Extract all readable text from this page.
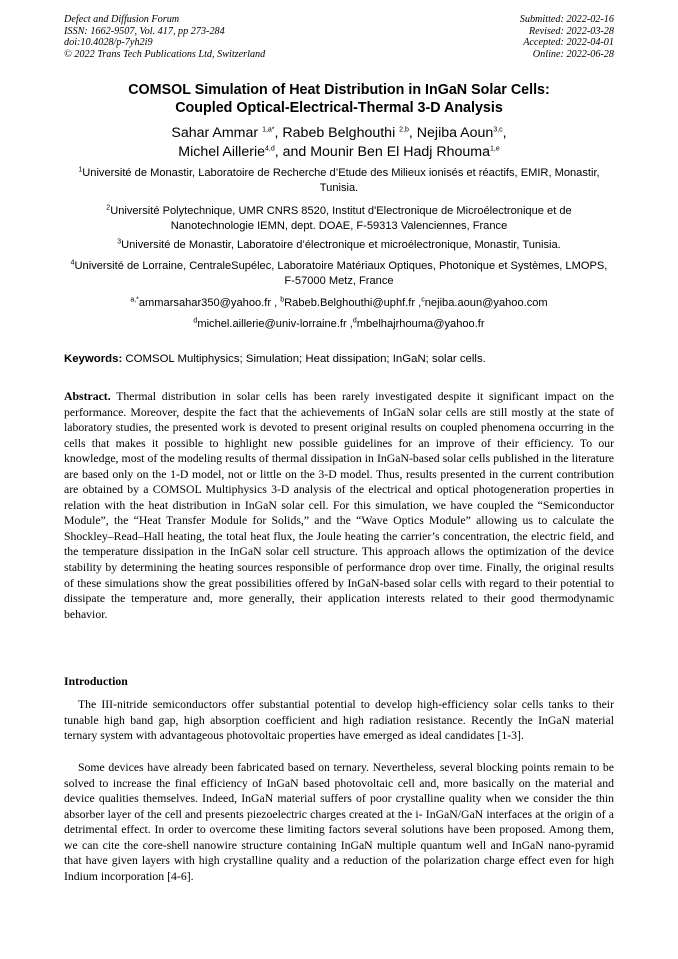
Defect and Diffusion Forum
ISSN: 1662-9507, Vol. 417, pp 273-284
doi:10.4028/p-7yh2i9
© 2022 Trans Tech Publications Ltd, Switzerland
Submitted: 2022-02-16
Revised: 2022-03-28
Accepted: 2022-04-01
Online: 2022-06-28
COMSOL Simulation of Heat Distribution in InGaN Solar Cells:
Coupled Optical-Electrical-Thermal 3-D Analysis
Sahar Ammar $^{1,a*}$, Rabeb Belghouthi $^{2,b}$, Nejiba Aoun$^{3,c}$,
Michel Aillerie$^{4,d}$, and Mounir Ben El Hadj Rhouma$^{1,e}$
$^1$Université de Monastir, Laboratoire de Recherche d’Etude des Milieux ionisés et réactifs, EMIR, Monastir, Tunisia.
$^2$Université Polytechnique, UMR CNRS 8520, Institut d'Electronique de Microélectronique et de Nanotechnologie IEMN, dept. DOAE, F-59313 Valenciennes, France
$^3$Université de Monastir, Laboratoire d’électronique et microélectronique, Monastir, Tunisia.
$^4$Université de Lorraine, CentraleSupélec, Laboratoire Matériaux Optiques, Photonique et Systèmes, LMOPS, F-57000 Metz, France
$^{a,*}$ammarsahar350@yahoo.fr , $^b$Rabeb.Belghouthi@uphf.fr ,$^c$nejiba.aoun@yahoo.com
$^d$michel.aillerie@univ-lorraine.fr ,$^d$mbelhajrhouma@yahoo.fr
Keywords: COMSOL Multiphysics; Simulation; Heat dissipation; InGaN; solar cells.
Abstract. Thermal distribution in solar cells has been rarely investigated despite it significant impact on the performance. Moreover, despite the fact that the achievements of InGaN solar cells are still mostly at the state of laboratory studies, the presented work is devoted to present original results on coupled phenomena occurring in the cells that makes it possible to highlight new possible guidelines for an improve of their efficiency. To our knowledge, most of the modeling results of thermal dissipation in InGaN-based solar cells published in the literature are based only on the 1-D model, not or little on the 3-D model. Thus, results presented in the current contribution are obtained by a COMSOL Multiphysics 3-D analysis of the electrical and optical photogeneration properties in relation with the heat distribution in InGaN solar cell. For this simulation, we have coupled the “Semiconductor Module”, the “Heat Transfer Module for Solids,” and the “Wave Optics Module” allowing us to calculate the Shockley–Read–Hall heating, the total heat flux, the Joule heating the carrier’s concentration, the electric field, and the temperature dissipation in the InGaN solar cell structure. This approach allows the optimization of the device stability by determining the heating sources responsible of performance drop over time. Finally, the original results of these simulations show the great possibilities offered by InGaN-based solar cells with regard to their potential to dissipate the temperature and, more generally, their application interests related to their good thermodynamic behavior.
Introduction
The III-nitride semiconductors offer substantial potential to develop high-efficiency solar cells tanks to their tunable high band gap, high absorption coefficient and high radiation resistance. Recently the InGaN material ternary system with advantageous photovoltaic properties have emerged as ideal candidates [1-3].
Some devices have already been fabricated based on ternary. Nevertheless, several blocking points remain to be solved to increase the final efficiency of InGaN based photovoltaic cell and, more basically on the material and device qualities themselves. Indeed, InGaN material suffers of poor crystalline quality when we consider the thin absorber layer of the cell and presents piezoelectric charges created at the i- InGaN/GaN interfaces at the origin of a detrimental effect. In order to overcome these limiting factors several solutions have been proposed. Among them, we can cite the core-shell nanowire structure containing InGaN multiple quantum well and InGaN nano-pyramid that have given layers with high crystalline quality and a reduction of the polarization charge effect even for high Indium incorporation [4-6].
